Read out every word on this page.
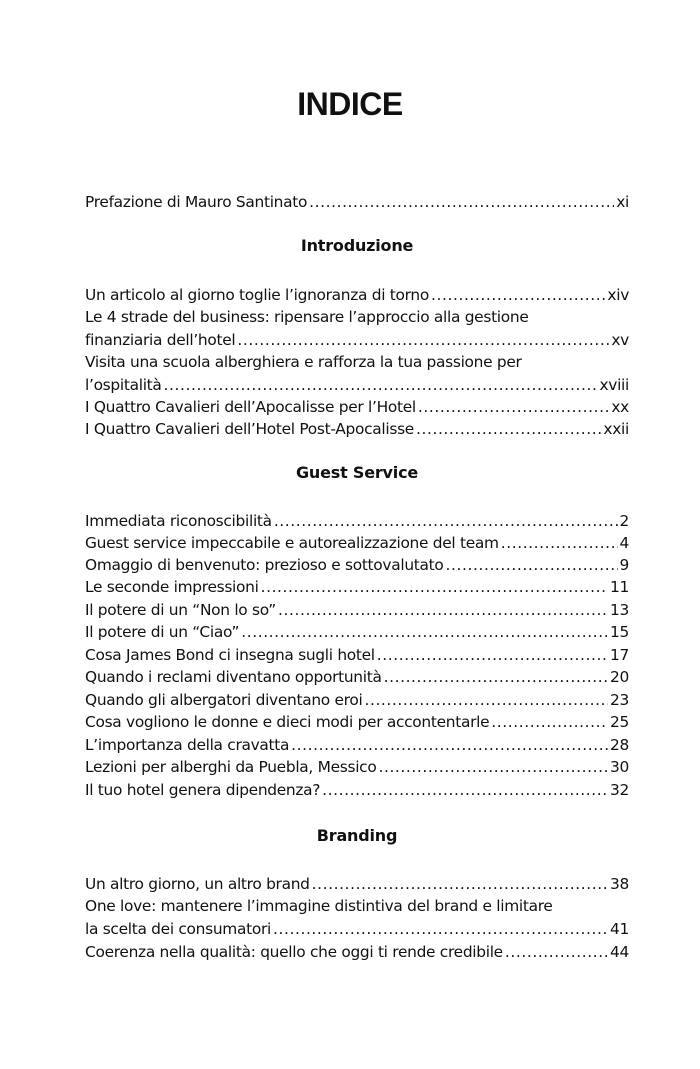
INDICE
Prefazione di Mauro Santinato .....	xi
Introduzione
Un articolo al giorno toglie l’ignoranza di torno .....	xiv
Le 4 strade del business: ripensare l’approccio alla gestione
finanziaria dell’hotel .....	xv
Visita una scuola alberghiera e rafforza la tua passione per
l’ospitalità .....	xviii
I Quattro Cavalieri dell’Apocalisse per l’Hotel .....	xx
I Quattro Cavalieri dell’Hotel Post-Apocalisse .....	xxii
Guest Service
Immediata riconoscibilità .....	2
Guest service impeccabile e autorealizzazione del team .....	4
Omaggio di benvenuto: prezioso e sottovalutato .....	9
Le seconde impressioni .....	11
Il potere di un “Non lo so” .....	13
Il potere di un “Ciao” .....	15
Cosa James Bond ci insegna sugli hotel .....	17
Quando i reclami diventano opportunità .....	20
Quando gli albergatori diventano eroi .....	23
Cosa vogliono le donne e dieci modi per accontentarle .....	25
L’importanza della cravatta .....	28
Lezioni per alberghi da Puebla, Messico .....	30
Il tuo hotel genera dipendenza? .....	32
Branding
Un altro giorno, un altro brand .....	38
One love: mantenere l’immagine distintiva del brand e limitare
la scelta dei consumatori .....	41
Coerenza nella qualità: quello che oggi ti rende credibile .....	44
